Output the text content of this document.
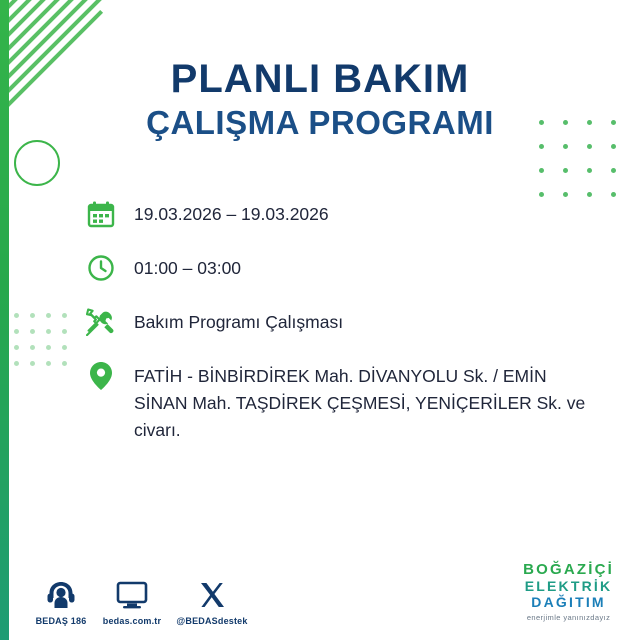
PLANLI BAKIM
ÇALIŞMA PROGRAMI
19.03.2026 – 19.03.2026
01:00 – 03:00
Bakım Programı Çalışması
FATİH - BİNBİRDİREK Mah. DİVANYOLU Sk. / EMİN SİNAN Mah. TAŞDİREK ÇEŞMESİ, YENİÇERİLER Sk. ve civarı.
BEDAŞ 186	bedas.com.tr	@BEDASdestek
BOĞAZİÇİ
ELEKTRİK
DAĞITIM
enerjimle yanınızdayız
